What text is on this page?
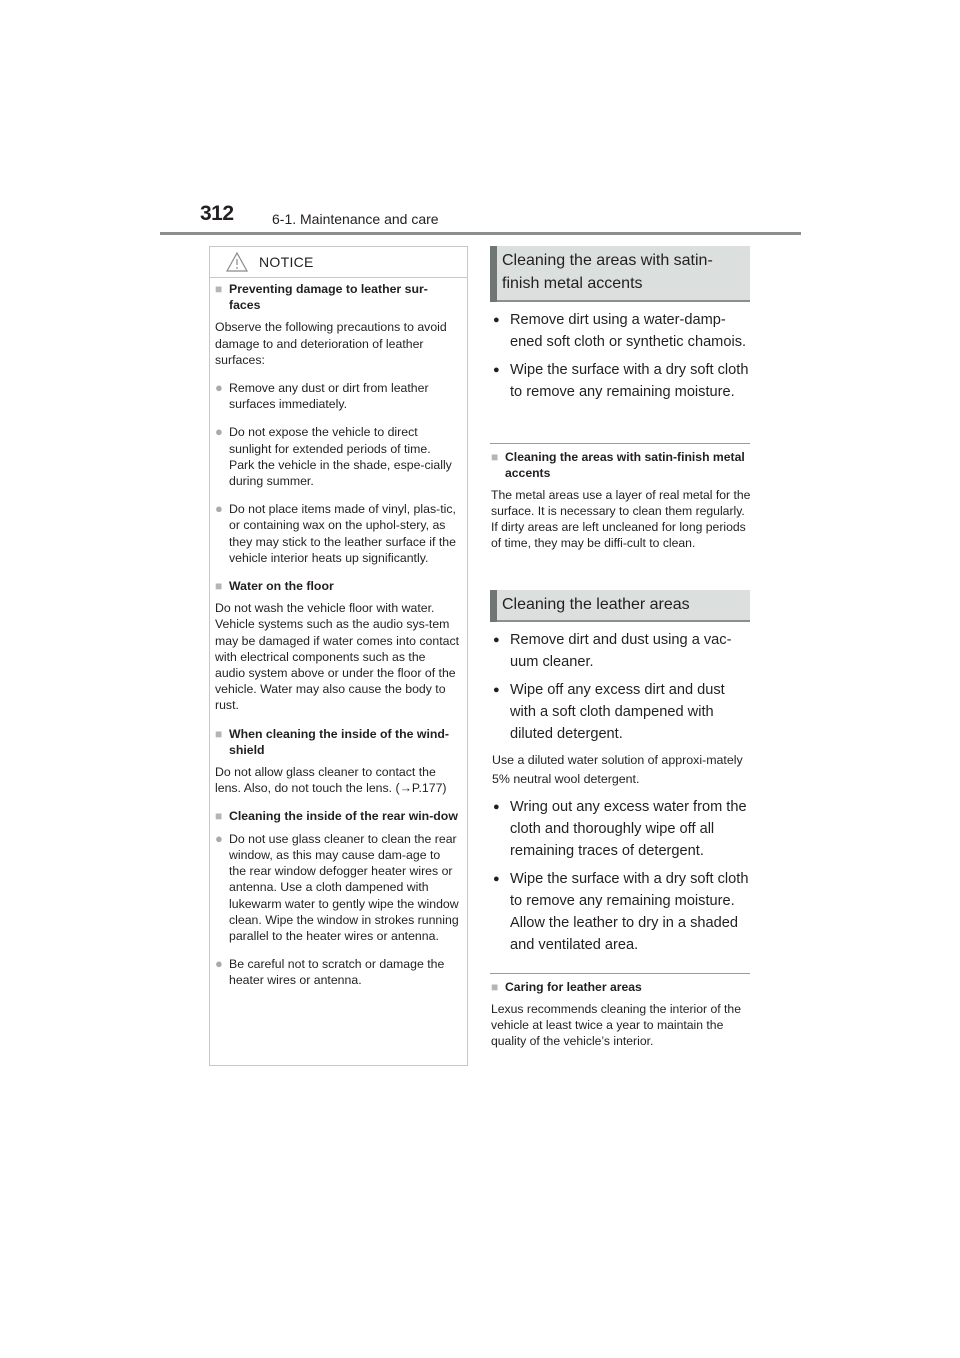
312	6-1. Maintenance and care
NOTICE
■ Preventing damage to leather sur-faces

Observe the following precautions to avoid damage to and deterioration of leather surfaces:

● Remove any dust or dirt from leather surfaces immediately.
● Do not expose the vehicle to direct sunlight for extended periods of time. Park the vehicle in the shade, espe-cially during summer.
● Do not place items made of vinyl, plas-tic, or containing wax on the uphol-stery, as they may stick to the leather surface if the vehicle interior heats up significantly.
■ Water on the floor

Do not wash the vehicle floor with water. Vehicle systems such as the audio sys-tem may be damaged if water comes into contact with electrical components such as the audio system above or under the floor of the vehicle. Water may also cause the body to rust.

■ When cleaning the inside of the wind-shield

Do not allow glass cleaner to contact the lens. Also, do not touch the lens. (→P.177)

■ Cleaning the inside of the rear win-dow
● Do not use glass cleaner to clean the rear window, as this may cause dam-age to the rear window defogger heater wires or antenna. Use a cloth dampened with lukewarm water to gently wipe the window clean. Wipe the window in strokes running parallel to the heater wires or antenna.
● Be careful not to scratch or damage the heater wires or antenna.
Cleaning the areas with satin-finish metal accents
● Remove dirt using a water-damp-ened soft cloth or synthetic chamois.
● Wipe the surface with a dry soft cloth to remove any remaining moisture.
■ Cleaning the areas with satin-finish metal accents

The metal areas use a layer of real metal for the surface. It is necessary to clean them regularly. If dirty areas are left uncleaned for long periods of time, they may be diffi-cult to clean.

Cleaning the leather areas
● Remove dirt and dust using a vac-uum cleaner.
● Wipe off any excess dirt and dust with a soft cloth dampened with diluted detergent.

Use a diluted water solution of approxi-mately 5% neutral wool detergent.

● Wring out any excess water from the cloth and thoroughly wipe off all remaining traces of detergent.
● Wipe the surface with a dry soft cloth to remove any remaining moisture. Allow the leather to dry in a shaded and ventilated area.
■ Caring for leather areas

Lexus recommends cleaning the interior of the vehicle at least twice a year to maintain the quality of the vehicle’s interior.
